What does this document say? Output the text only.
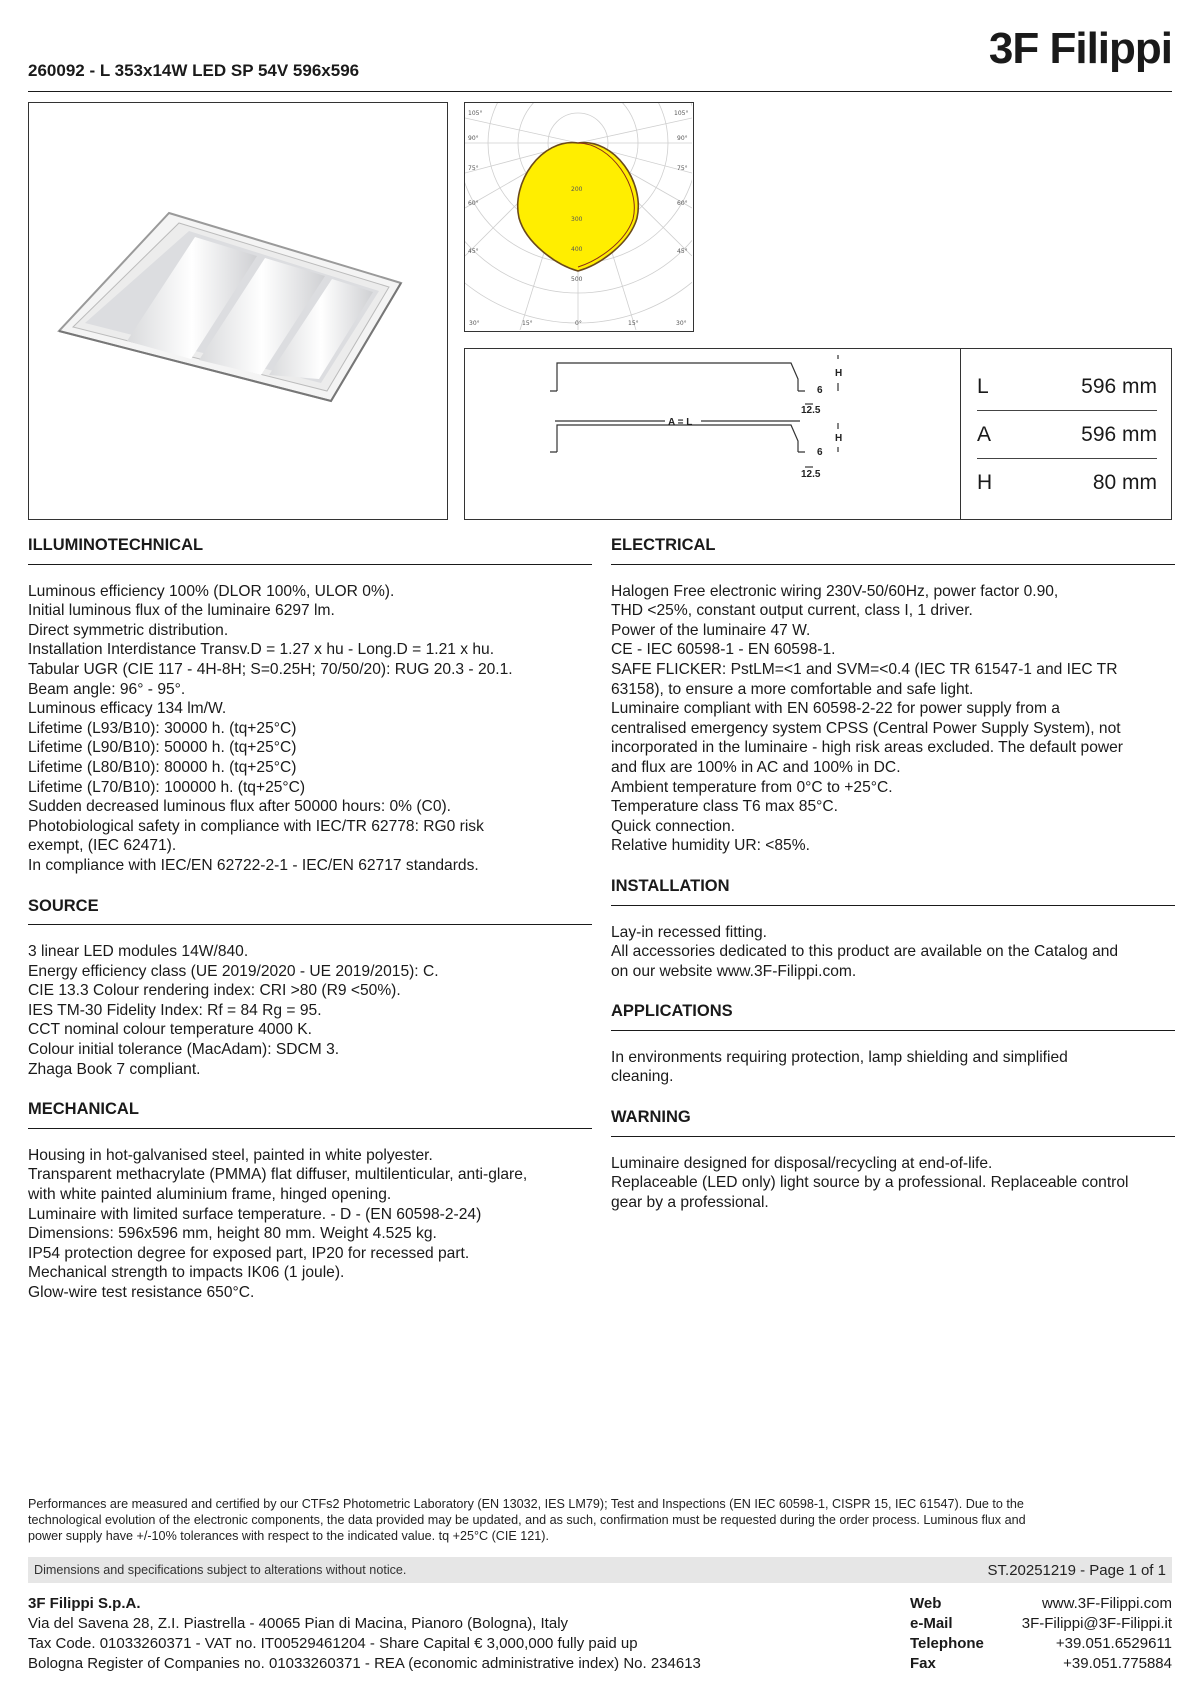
260092 - L 353x14W LED SP 54V 596x596	3F Filippi
105°
90°
75°
60°
45°
105°
90°
75°
60°
45°
200
300
400
500
30°	15°	0°	15°	30°
H
6
12.5
A = L
H
6
12.5
L	596 mm
A	596 mm
H	80 mm
ILLUMINOTECHNICAL

Luminous efficiency 100% (DLOR 100%, ULOR 0%).

Initial luminous flux of the luminaire 6297 lm.

Direct symmetric distribution.

Installation Interdistance Transv.D = 1.27 x hu - Long.D = 1.21 x hu.

Tabular UGR (CIE 117 - 4H-8H; S=0.25H; 70/50/20): RUG 20.3 - 20.1.

Beam angle: 96° - 95°.

Luminous efficacy 134 lm/W.

Lifetime (L93/B10): 30000 h. (tq+25°C)

Lifetime (L90/B10): 50000 h. (tq+25°C)

Lifetime (L80/B10): 80000 h. (tq+25°C)

Lifetime (L70/B10): 100000 h. (tq+25°C)

Sudden decreased luminous flux after 50000 hours: 0% (C0).

Photobiological safety in compliance with IEC/TR 62778: RG0 risk

exempt, (IEC 62471).

In compliance with IEC/EN 62722-2-1 - IEC/EN 62717 standards.

SOURCE

3 linear LED modules 14W/840.

Energy efficiency class (UE 2019/2020 - UE 2019/2015): C.

CIE 13.3 Colour rendering index: CRI >80 (R9 <50%).

IES TM-30 Fidelity Index: Rf = 84 Rg = 95.

CCT nominal colour temperature 4000 K.

Colour initial tolerance (MacAdam): SDCM 3.

Zhaga Book 7 compliant.

MECHANICAL

Housing in hot-galvanised steel, painted in white polyester.

Transparent methacrylate (PMMA) flat diffuser, multilenticular, anti-glare,

with white painted aluminium frame, hinged opening.

Luminaire with limited surface temperature. - D - (EN 60598-2-24)

Dimensions: 596x596 mm, height 80 mm. Weight 4.525 kg.

IP54 protection degree for exposed part, IP20 for recessed part.

Mechanical strength to impacts IK06 (1 joule).

Glow-wire test resistance 650°C.

ELECTRICAL

Halogen Free electronic wiring 230V-50/60Hz, power factor 0.90,

THD <25%, constant output current, class I, 1 driver.

Power of the luminaire 47 W.

CE - IEC 60598-1 - EN 60598-1.

SAFE FLICKER: PstLM=<1 and SVM=<0.4 (IEC TR 61547-1 and IEC TR

63158), to ensure a more comfortable and safe light.

Luminaire compliant with EN 60598-2-22 for power supply from a

centralised emergency system CPSS (Central Power Supply System), not

incorporated in the luminaire - high risk areas excluded. The default power

and flux are 100% in AC and 100% in DC.

Ambient temperature from 0°C to +25°C.

Temperature class T6 max 85°C.

Quick connection.

Relative humidity UR: <85%.

INSTALLATION

Lay-in recessed fitting.

All accessories dedicated to this product are available on the Catalog and

on our website www.3F-Filippi.com.

APPLICATIONS

In environments requiring protection, lamp shielding and simplified

cleaning.

WARNING

Luminaire designed for disposal/recycling at end-of-life.

Replaceable (LED only) light source by a professional. Replaceable control

gear by a professional.

Performances are measured and certified by our CTFs2 Photometric Laboratory (EN 13032, IES LM79); Test and Inspections (EN IEC 60598-1, CISPR 15, IEC 61547). Due to the
technological evolution of the electronic components, the data provided may be updated, and as such, confirmation must be requested during the order process. Luminous flux and
power supply have +/-10% tolerances with respect to the indicated value. tq +25°C (CIE 121).
Dimensions and specifications subject to alterations without notice.	ST.20251219 - Page 1 of 1
3F Filippi S.p.A.
Via del Savena 28, Z.I. Piastrella - 40065 Pian di Macina, Pianoro (Bologna), Italy
Tax Code. 01033260371 - VAT no. IT00529461204 - Share Capital € 3,000,000 fully paid up
Bologna Register of Companies no. 01033260371 - REA (economic administrative index) No. 234613
Web	www.3F-Filippi.com
e-Mail	3F-Filippi@3F-Filippi.it
Telephone	+39.051.6529611
Fax	+39.051.775884
